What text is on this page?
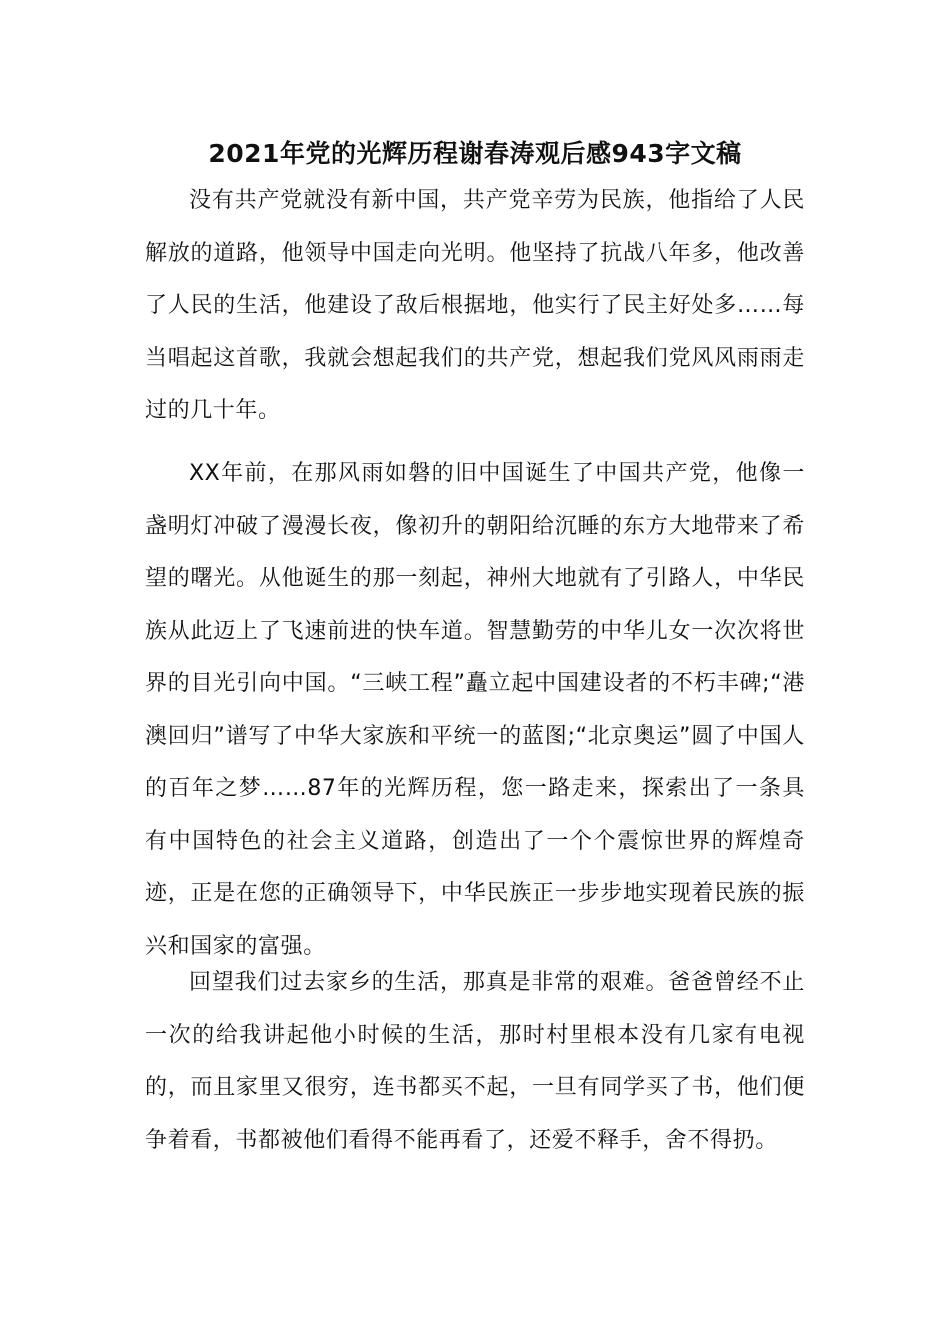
2021年党的光辉历程谢春涛观后感943字文稿

没有共产党就没有新中国，共产党辛劳为民族，他指给了人民解放的道路，他领导中国走向光明。他坚持了抗战八年多，他改善了人民的生活，他建设了敌后根据地，他实行了民主好处多……每当唱起这首歌，我就会想起我们的共产党，想起我们党风风雨雨走过的几十年。

XX年前，在那风雨如磐的旧中国诞生了中国共产党，他像一盏明灯冲破了漫漫长夜，像初升的朝阳给沉睡的东方大地带来了希望的曙光。从他诞生的那一刻起，神州大地就有了引路人，中华民族从此迈上了飞速前进的快车道。智慧勤劳的中华儿女一次次将世界的目光引向中国。“三峡工程”矗立起中国建设者的不朽丰碑;“港澳回归”谱写了中华大家族和平统一的蓝图;“北京奥运”圆了中国人的百年之梦……87年的光辉历程，您一路走来，探索出了一条具有中国特色的社会主义道路，创造出了一个个震惊世界的辉煌奇迹，正是在您的正确领导下，中华民族正一步步地实现着民族的振兴和国家的富强。

回望我们过去家乡的生活，那真是非常的艰难。爸爸曾经不止一次的给我讲起他小时候的生活，那时村里根本没有几家有电视的，而且家里又很穷，连书都买不起，一旦有同学买了书，他们便争着看，书都被他们看得不能再看了，还爱不释手，舍不得扔。
